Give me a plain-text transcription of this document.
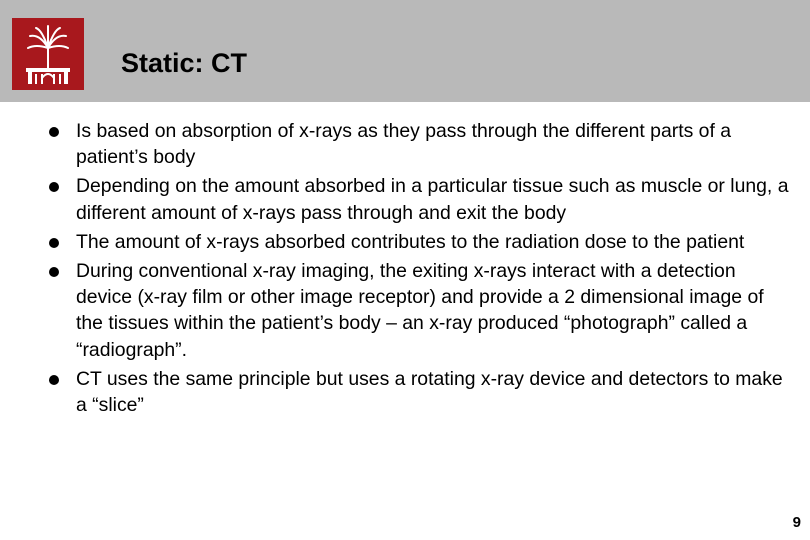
Static: CT
Is based on absorption of x-rays as they pass through the different parts of a patient’s body
Depending on the amount absorbed in a particular tissue such as muscle or lung, a different amount of x-rays pass through and exit the body
The amount of x-rays absorbed contributes to the radiation dose to the patient
During conventional x-ray imaging, the exiting x-rays interact with a detection device (x-ray film or other image receptor) and provide a 2 dimensional image of the tissues within the patient’s body – an x-ray produced “photograph” called a “radiograph”.
CT uses the same principle but uses a rotating x-ray device and detectors to make a “slice”
9
